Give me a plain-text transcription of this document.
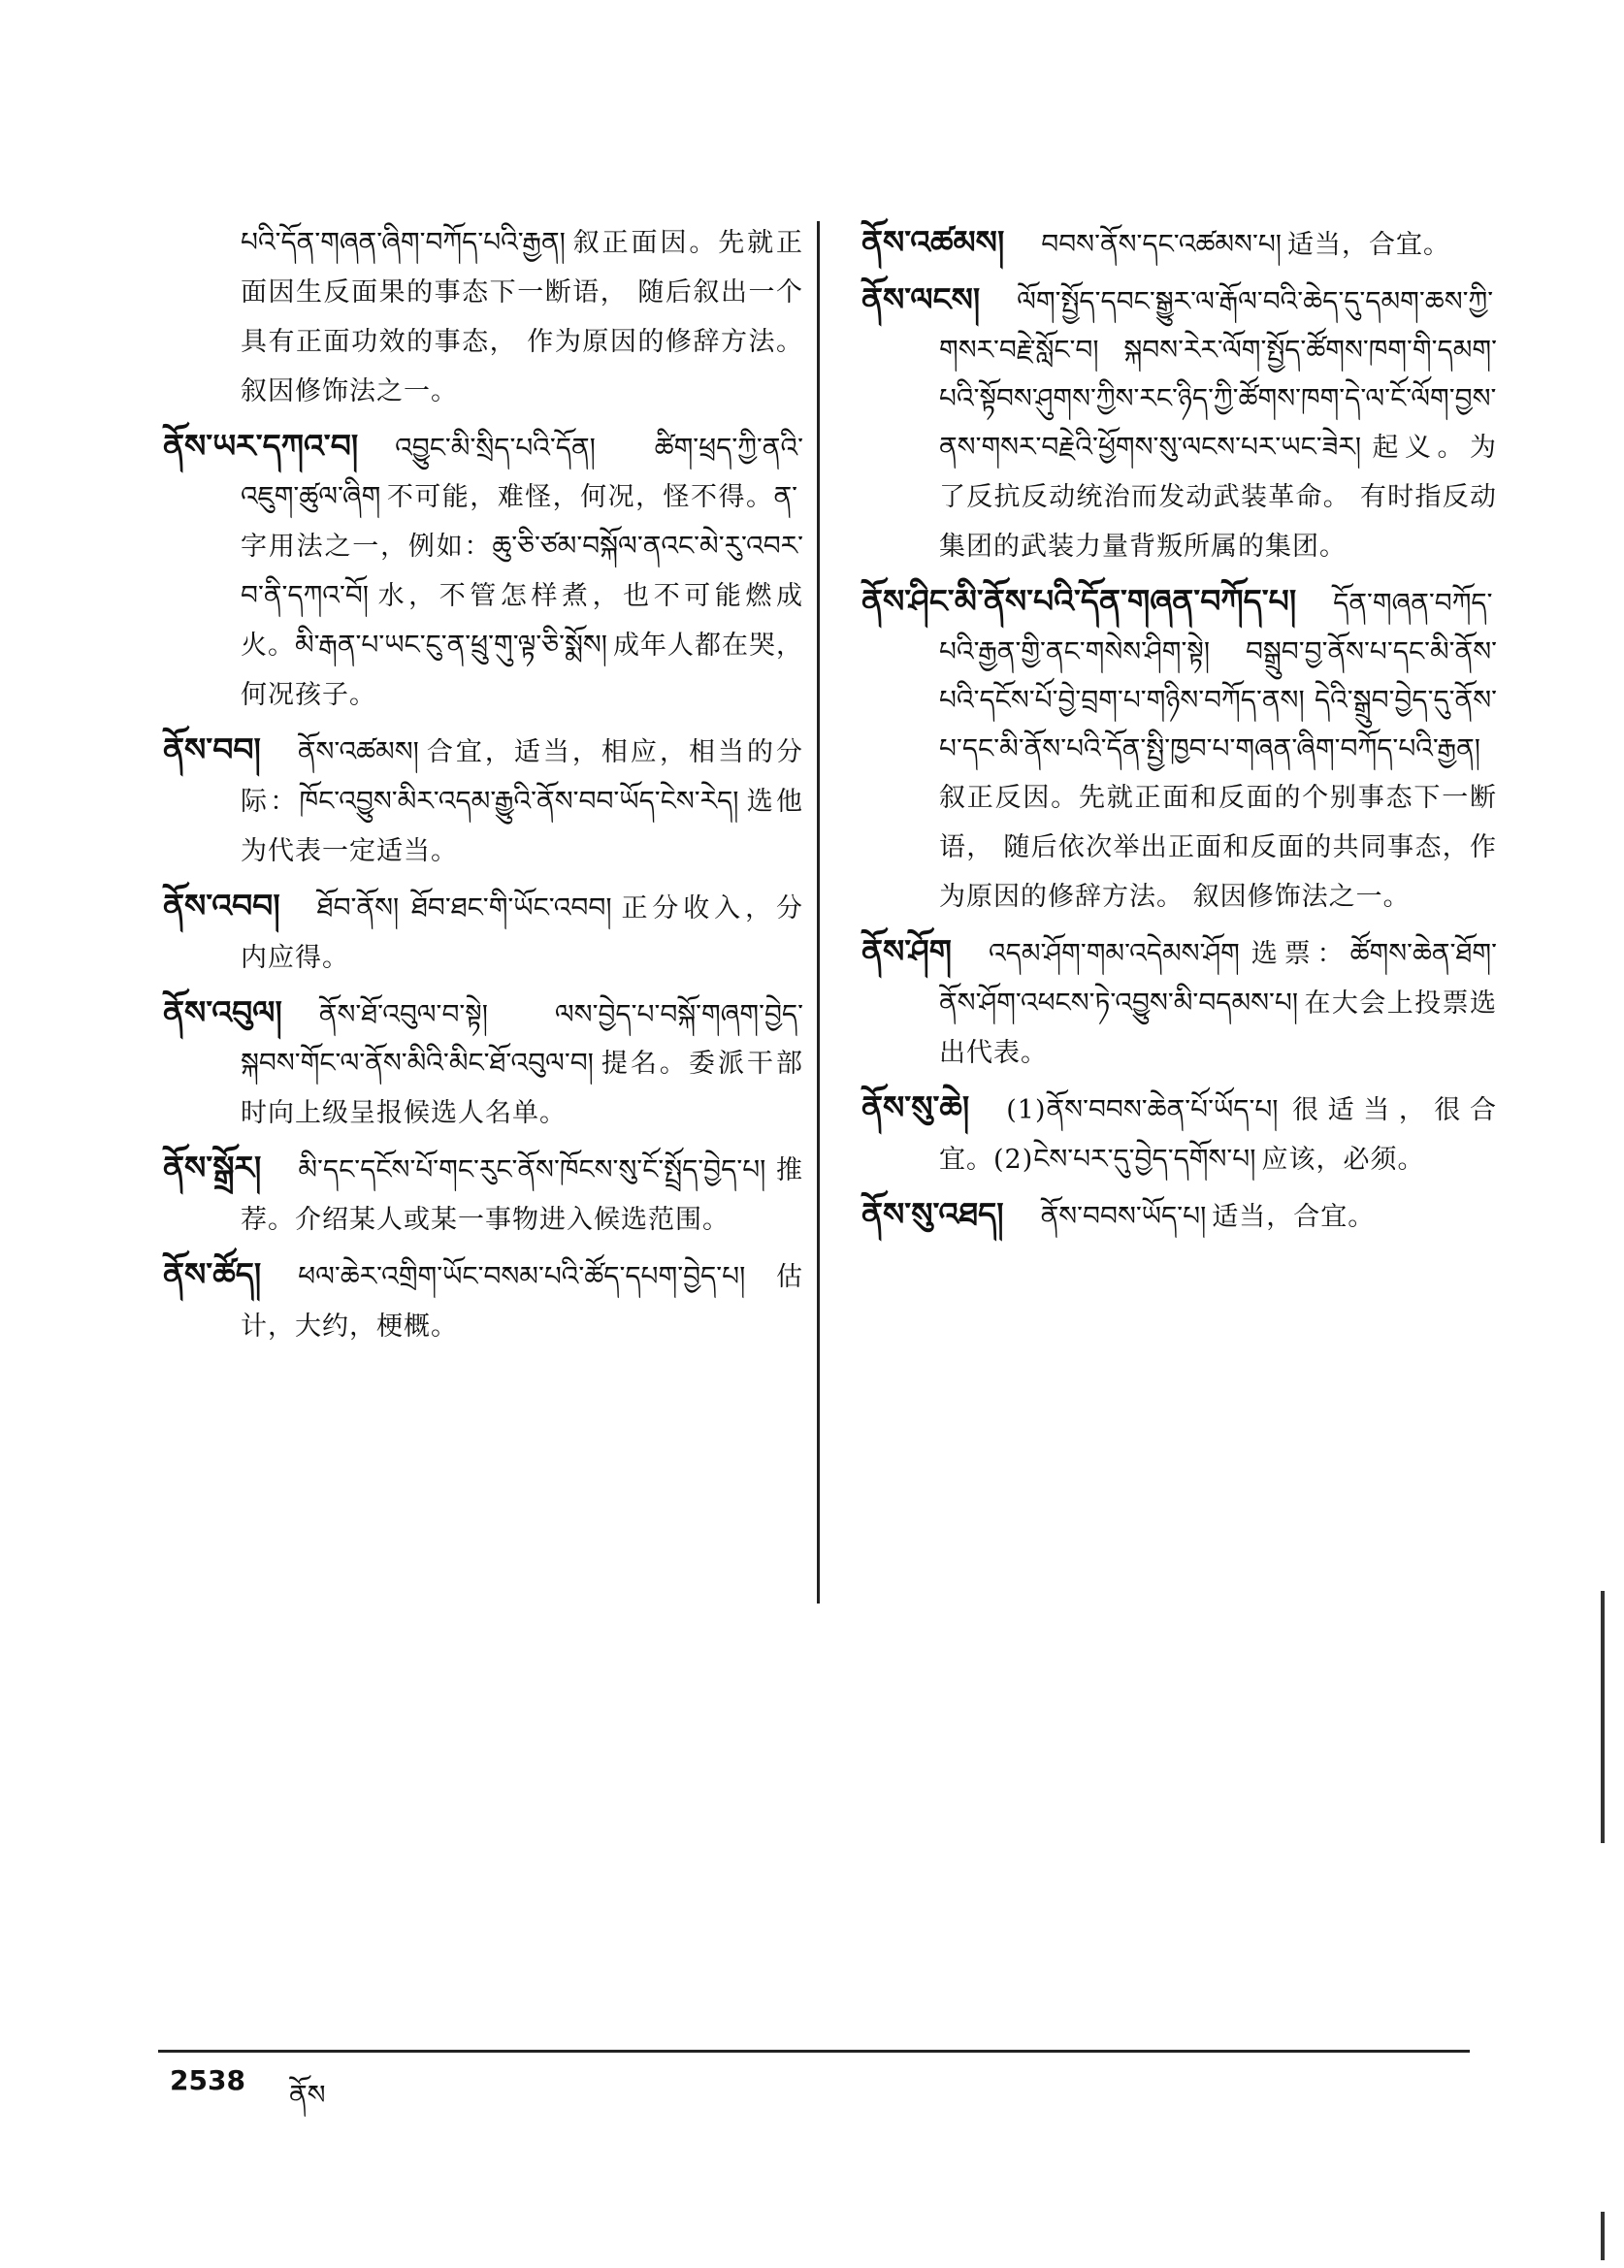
པའི་དོན་གཞན་ཞིག་བཀོད་པའི་རྒྱན། 叙正面因。先就正面因生反面果的事态下一断语， 随后叙出一个具有正面功效的事态， 作为原因的修辞方法。叙因修饰法之一。
ནོས་ཡར་དཀའ་བ། འབྱུང་མི་སྲིད་པའི་དོན། ཚིག་ཕྲད་ཀྱི་ནའི་འཇུག་ཚུལ་ཞིག 不可能，难怪，何况，怪不得。ན་字用法之一，例如：ཆུ་ཅི་ཙམ་བསྐོལ་ནའང་མེ་རུ་འབར་བ་ནི་དཀའ་བོ། 水，不管怎样煮，也不可能燃成火。མི་རྒན་པ་ཡང་ངུ་ན་ཕྲུ་གུ་ལྟ་ཅི་སྨོས། 成年人都在哭，何况孩子。
ནོས་བབ། ནོས་འཚམས། 合宜，适当，相应，相当的分际：ཁོང་འབྱུས་མིར་འདམ་རྒྱུའི་ནོས་བབ་ཡོད་ངེས་རེད། 选他为代表一定适当。
ནོས་འབབ། ཐོབ་ནོས། ཐོབ་ཐང་གི་ཡོང་འབབ། 正分收入，分内应得。
ནོས་འབུལ། ནོས་ཐོ་འབུལ་བ་སྟེ། ལས་བྱེད་པ་བསྐོ་གཞག་བྱེད་སྐབས་གོང་ལ་ནོས་མིའི་མིང་ཐོ་འབུལ་བ། 提名。委派干部时向上级呈报候选人名单。
ནོས་སྒྲོར། མི་དང་དངོས་པོ་གང་རུང་ནོས་ཁོངས་སུ་ངོ་སྤྲོད་བྱེད་པ། 推荐。介绍某人或某一事物进入候选范围。
ནོས་ཚོད། ཕལ་ཆེར་འགྲིག་ཡོང་བསམ་པའི་ཚོད་དཔག་བྱེད་པ། 估计，大约，梗概。
ནོས་འཚམས། བབས་ནོས་དང་འཚམས་པ། 适当，合宜。
ནོས་ལངས། ལོག་སྤྱོད་དབང་སྒྱུར་ལ་རྒོལ་བའི་ཆེད་དུ་དམག་ཆས་ཀྱི་གསར་བརྗེ་སློང་བ། སྐབས་རེར་ལོག་སྤྱོད་ཚོགས་ཁག་གི་དམག་པའི་སྟོབས་ཤུགས་ཀྱིས་རང་ཉིད་ཀྱི་ཚོགས་ཁག་དེ་ལ་ངོ་ལོག་བྱས་ནས་གསར་བརྗེའི་ཕྱོགས་སུ་ལངས་པར་ཡང་ཟེར། 起义。为了反抗反动统治而发动武装革命。 有时指反动集团的武装力量背叛所属的集团。
ནོས་ཤིང་མི་ནོས་པའི་དོན་གཞན་བཀོད་པ། དོན་གཞན་བཀོད་པའི་རྒྱན་གྱི་ནང་གསེས་ཤིག་སྟེ། བསྒྲུབ་བྱ་ནོས་པ་དང་མི་ནོས་པའི་དངོས་པོ་བྱེ་བྲག་པ་གཉིས་བཀོད་ནས། དེའི་སྒྲུབ་བྱེད་དུ་ནོས་པ་དང་མི་ནོས་པའི་དོན་སྤྱི་ཁྱབ་པ་གཞན་ཞིག་བཀོད་པའི་རྒྱན།叙正反因。先就正面和反面的个别事态下一断语， 随后依次举出正面和反面的共同事态，作为原因的修辞方法。 叙因修饰法之一。
ནོས་ཤོག འདམ་ཤོག་གམ་འདེམས་ཤོག 选票：ཚོགས་ཆེན་ཐོག་ནོས་ཤོག་འཕངས་ཏེ་འབྱུས་མི་བདམས་པ། 在大会上投票选出代表。
ནོས་སུ་ཆེ། (1)ནོས་བབས་ཆེན་པོ་ཡོད་པ། 很适当，很合宜。(2)ངེས་པར་དུ་བྱེད་དགོས་པ། 应该，必须。
ནོས་སུ་འཐད། ནོས་བབས་ཡོད་པ། 适当，合宜。
2538 ནོས
